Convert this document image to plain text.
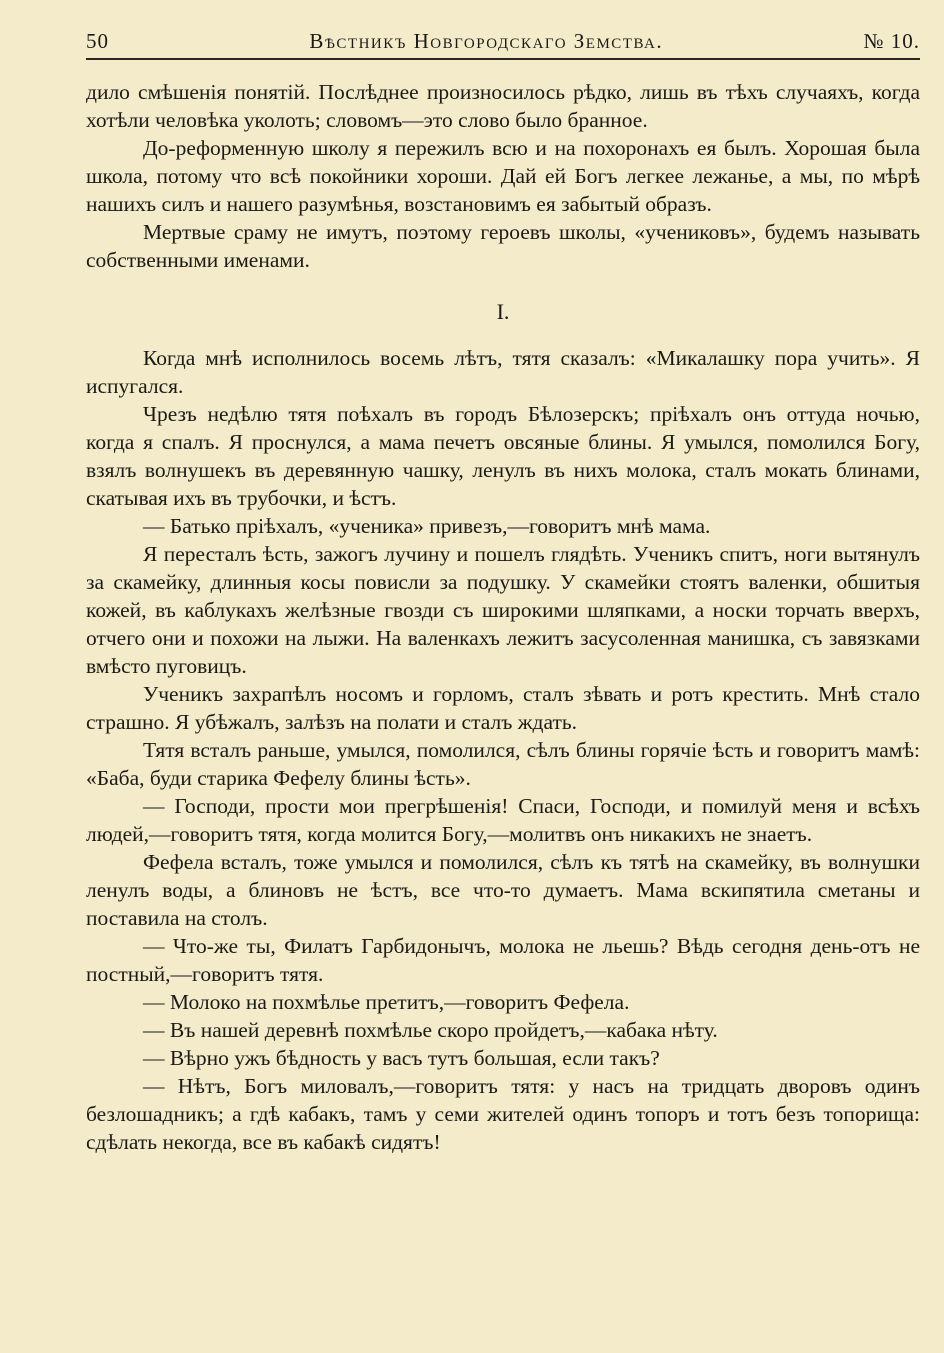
50	Вѣстникъ Новгородскаго Земства.	№ 10.

дило смѣшенія понятій. Послѣднее произносилось рѣдко, лишь въ тѣхъ случаяхъ, когда хотѣли человѣка уколоть; словомъ—это слово было бранное.

До-реформенную школу я пережилъ всю и на похоронахъ ея былъ. Хорошая была школа, потому что всѣ покойники хороши. Дай ей Богъ легкее лежанье, а мы, по мѣрѣ нашихъ силъ и нашего разумѣнья, возстановимъ ея забытый образъ.

Мертвые сраму не имутъ, поэтому героевъ школы, «учениковъ», будемъ называть собственными именами.

I.

Когда мнѣ исполнилось восемь лѣтъ, тятя сказалъ: «Микалашку пора учить». Я испугался.

Чрезъ недѣлю тятя поѣхалъ въ городъ Бѣлозерскъ; пріѣхалъ онъ оттуда ночью, когда я спалъ. Я проснулся, а мама печетъ овсяные блины. Я умылся, помолился Богу, взялъ волнушекъ въ деревянную чашку, ленулъ въ нихъ молока, сталъ мокать блинами, скатывая ихъ въ трубочки, и ѣстъ.

— Батько пріѣхалъ, «ученика» привезъ,—говоритъ мнѣ мама.

Я пересталъ ѣсть, зажогъ лучину и пошелъ глядѣть. Ученикъ спитъ, ноги вытянулъ за скамейку, длинныя косы повисли за подушку. У скамейки стоятъ валенки, обшитыя кожей, въ каблукахъ желѣзные гвозди съ широкими шляпками, а носки торчать вверхъ, отчего они и похожи на лыжи. На валенкахъ лежитъ засусоленная манишка, съ завязками вмѣсто пуговицъ.

Ученикъ захрапѣлъ носомъ и горломъ, сталъ зѣвать и ротъ крестить. Мнѣ стало страшно. Я убѣжалъ, залѣзъ на полати и сталъ ждать.

Тятя всталъ раньше, умылся, помолился, сѣлъ блины горячіе ѣсть и говоритъ мамѣ: «Баба, буди старика Фефелу блины ѣсть».

— Господи, прости мои прегрѣшенія! Спаси, Господи, и помилуй меня и всѣхъ людей,—говоритъ тятя, когда молится Богу,—молитвъ онъ никакихъ не знаетъ.

Фефела всталъ, тоже умылся и помолился, сѣлъ къ тятѣ на скамейку, въ волнушки ленулъ воды, а блиновъ не ѣстъ, все что-то думаетъ. Мама вскипятила сметаны и поставила на столъ.

— Что-же ты, Филатъ Гарбидонычъ, молока не льешь? Вѣдь сегодня день-отъ не постный,—говоритъ тятя.

— Молоко на похмѣлье претитъ,—говоритъ Фефела.

— Въ нашей деревнѣ похмѣлье скоро пройдетъ,—кабака нѣту.

— Вѣрно ужъ бѣдность у васъ тутъ большая, если такъ?

— Нѣтъ, Богъ миловалъ,—говоритъ тятя: у насъ на тридцать дворовъ одинъ безлошадникъ; а гдѣ кабакъ, тамъ у семи жителей одинъ топоръ и тотъ безъ топорища: сдѣлать некогда, все въ кабакѣ сидятъ!
